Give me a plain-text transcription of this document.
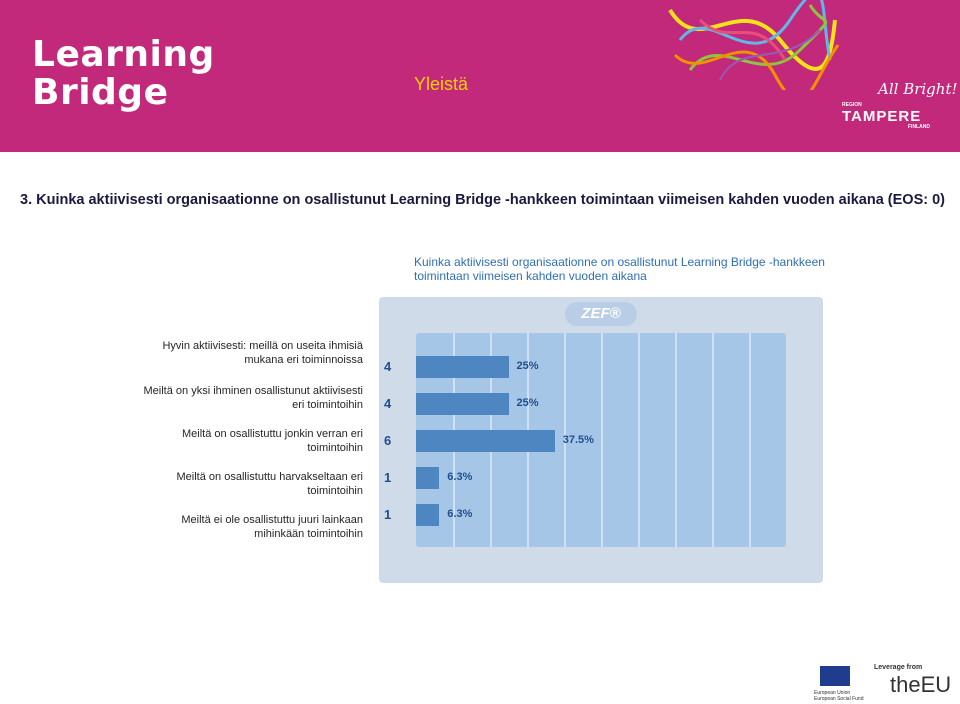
Learning
Bridge	Yleistä	All Bright!
REGION
TAMPERE
FINLAND
3. Kuinka aktiivisesti organisaationne on osallistunut Learning Bridge -hankkeen toimintaan viimeisen kahden vuoden aikana (EOS: 0)
Kuinka aktiivisesti organisaationne on osallistunut Learning Bridge -hankkeen toimintaan viimeisen kahden vuoden aikana
ZEF®
25%
25%
37.5%
6.3%
6.3%
4
Hyvin aktiivisesti: meillä on useita ihmisiä mukana eri toiminnoissa
4
Meiltä on yksi ihminen osallistunut aktiivisesti eri toimintoihin
6
Meiltä on osallistuttu jonkin verran eri toimintoihin
1
Meiltä on osallistuttu harvakseltaan eri toimintoihin
1
Meiltä ei ole osallistuttu juuri lainkaan mihinkään toimintoihin
European Union
European Social Fund
Leverage from
theEU
